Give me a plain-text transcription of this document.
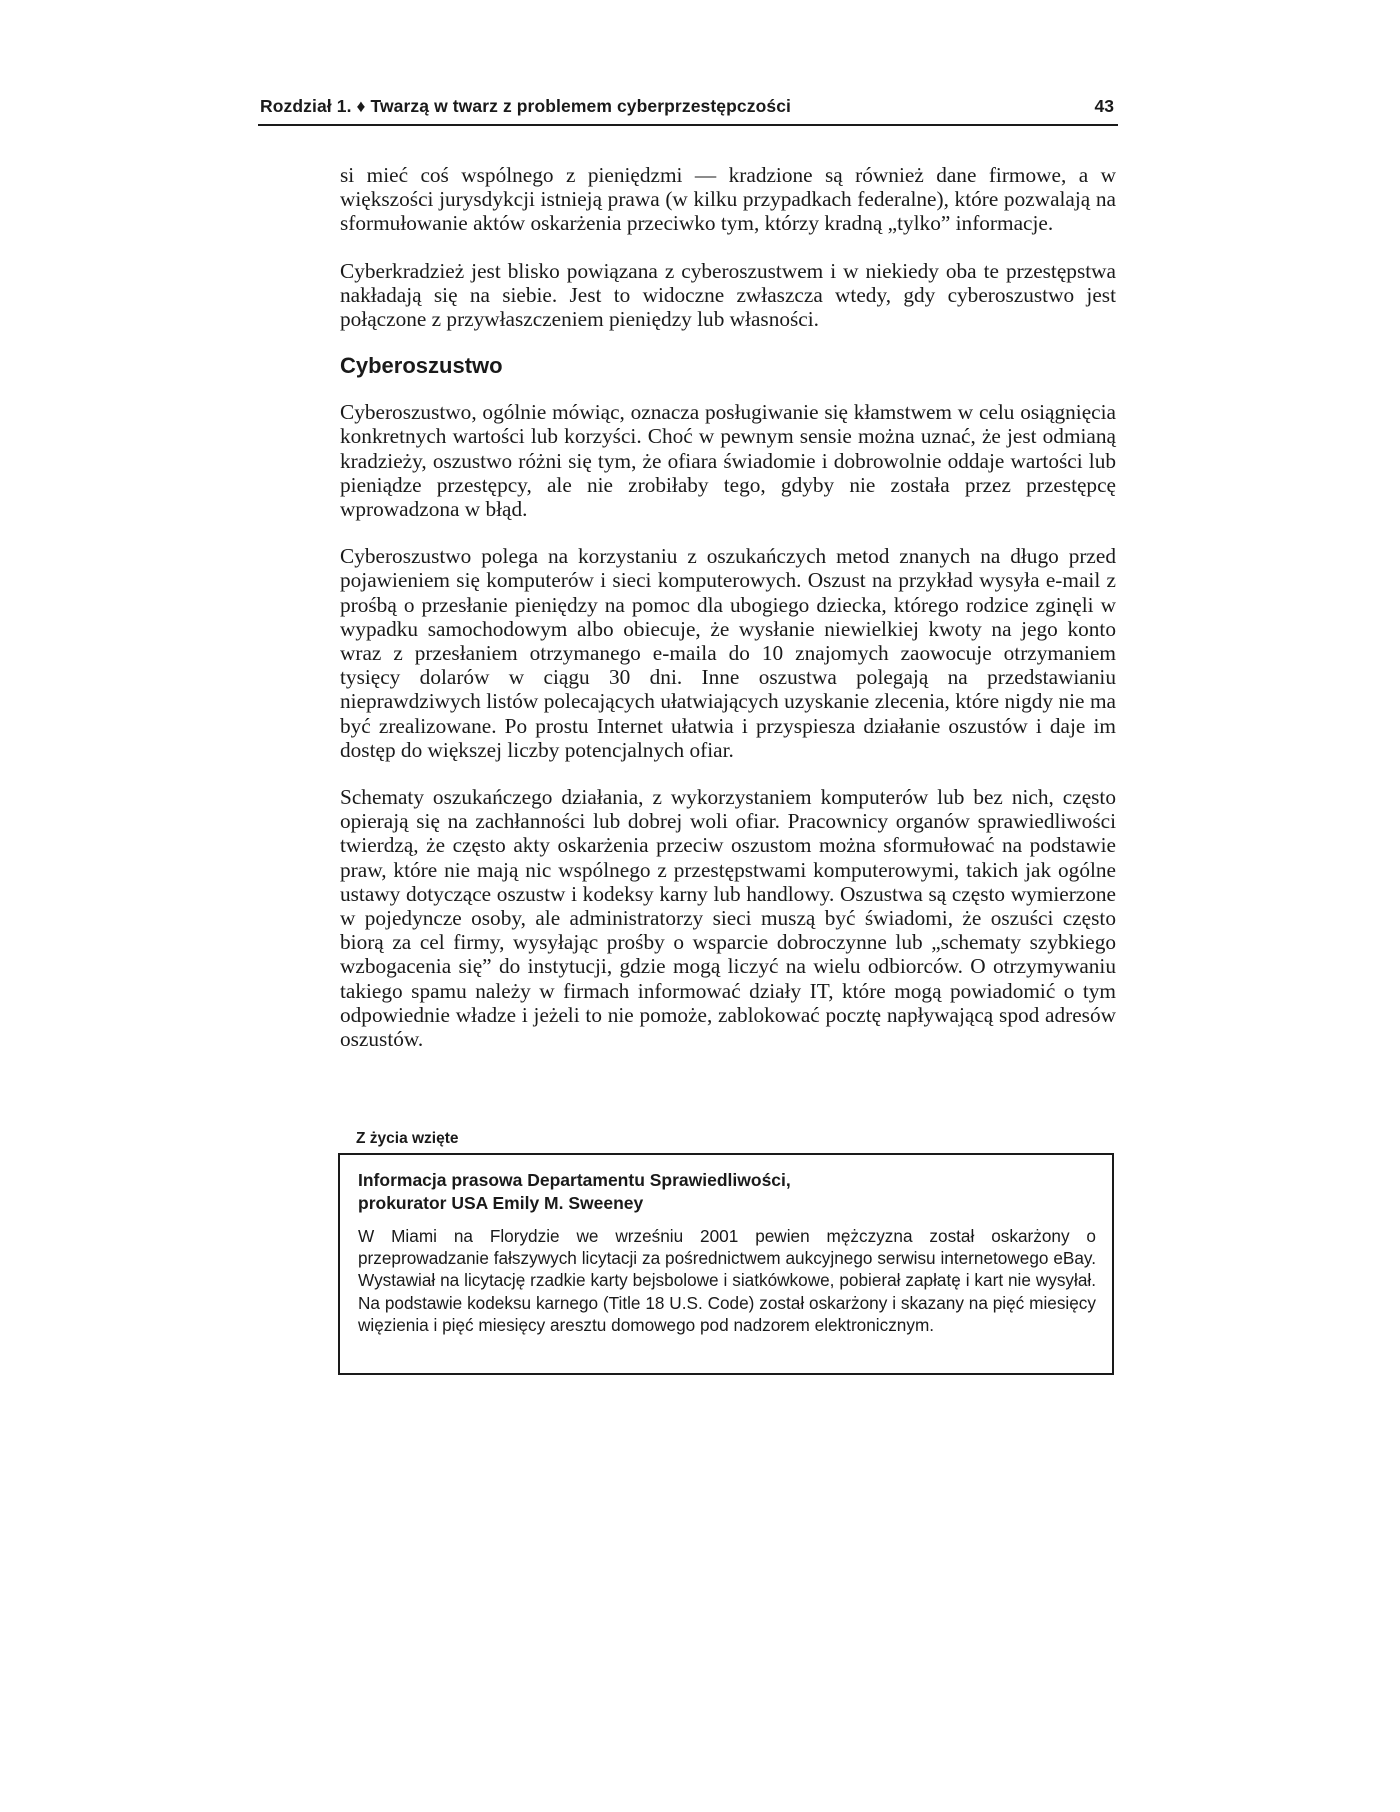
Rozdział 1. ♦ Twarzą w twarz z problemem cyberprzestępczości	43

si mieć coś wspólnego z pieniędzmi — kradzione są również dane firmowe, a w większości jurysdykcji istnieją prawa (w kilku przypadkach federalne), które pozwalają na sformułowanie aktów oskarżenia przeciwko tym, którzy kradną „tylko” informacje.

Cyberkradzież jest blisko powiązana z cyberoszustwem i w niekiedy oba te przestępstwa nakładają się na siebie. Jest to widoczne zwłaszcza wtedy, gdy cyberoszustwo jest połączone z przywłaszczeniem pieniędzy lub własności.

Cyberoszustwo

Cyberoszustwo, ogólnie mówiąc, oznacza posługiwanie się kłamstwem w celu osiągnięcia konkretnych wartości lub korzyści. Choć w pewnym sensie można uznać, że jest odmianą kradzieży, oszustwo różni się tym, że ofiara świadomie i dobrowolnie oddaje wartości lub pieniądze przestępcy, ale nie zrobiłaby tego, gdyby nie została przez przestępcę wprowadzona w błąd.

Cyberoszustwo polega na korzystaniu z oszukańczych metod znanych na długo przed pojawieniem się komputerów i sieci komputerowych. Oszust na przykład wysyła e-mail z prośbą o przesłanie pieniędzy na pomoc dla ubogiego dziecka, którego rodzice zginęli w wypadku samochodowym albo obiecuje, że wysłanie niewielkiej kwoty na jego konto wraz z przesłaniem otrzymanego e-maila do 10 znajomych zaowocuje otrzymaniem tysięcy dolarów w ciągu 30 dni. Inne oszustwa polegają na przedstawianiu nieprawdziwych listów polecających ułatwiających uzyskanie zlecenia, które nigdy nie ma być zrealizowane. Po prostu Internet ułatwia i przyspiesza działanie oszustów i daje im dostęp do większej liczby potencjalnych ofiar.

Schematy oszukańczego działania, z wykorzystaniem komputerów lub bez nich, często opierają się na zachłanności lub dobrej woli ofiar. Pracownicy organów sprawiedliwości twierdzą, że często akty oskarżenia przeciw oszustom można sformułować na podstawie praw, które nie mają nic wspólnego z przestępstwami komputerowymi, takich jak ogólne ustawy dotyczące oszustw i kodeksy karny lub handlowy. Oszustwa są często wymierzone w pojedyncze osoby, ale administratorzy sieci muszą być świadomi, że oszuści często biorą za cel firmy, wysyłając prośby o wsparcie dobroczynne lub „schematy szybkiego wzbogacenia się” do instytucji, gdzie mogą liczyć na wielu odbiorców. O otrzymywaniu takiego spamu należy w firmach informować działy IT, które mogą powiadomić o tym odpowiednie władze i jeżeli to nie pomoże, zablokować pocztę napływającą spod adresów oszustów.

Z życia wzięte
Informacja prasowa Departamentu Sprawiedliwości,
prokurator USA Emily M. Sweeney
W Miami na Florydzie we wrześniu 2001 pewien mężczyzna został oskarżony o przeprowadzanie fałszywych licytacji za pośrednictwem aukcyjnego serwisu internetowego eBay. Wystawiał na licytację rzadkie karty bejsbolowe i siatkówkowe, pobierał zapłatę i kart nie wysyłał. Na podstawie kodeksu karnego (Title 18 U.S. Code) został oskarżony i skazany na pięć miesięcy więzienia i pięć miesięcy aresztu domowego pod nadzorem elektronicznym.
